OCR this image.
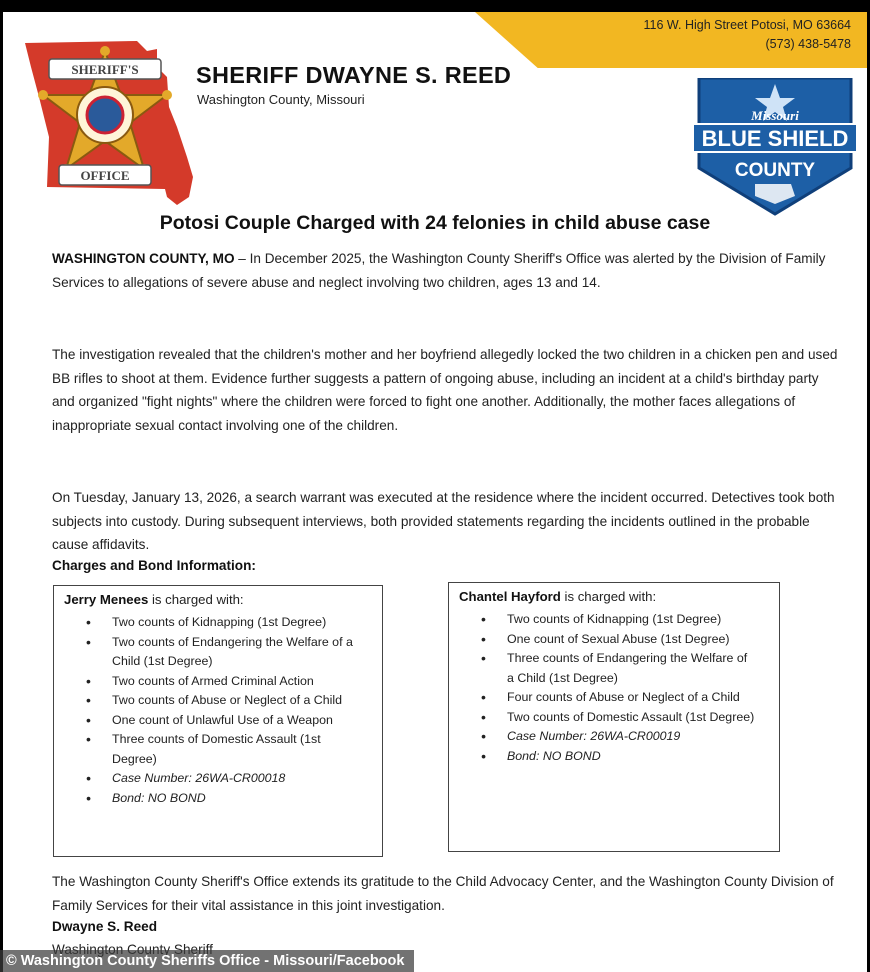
116 W. High Street Potosi, MO 63664
(573) 438-5478
SHERIFF'S
OFFICE
SHERIFF DWAYNE S. REED
Washington County, Missouri
Missouri
BLUE SHIELD
COUNTY
Potosi Couple Charged with 24 felonies in child abuse case
WASHINGTON COUNTY, MO – In December 2025, the Washington County Sheriff's Office was alerted by the Division of Family Services to allegations of severe abuse and neglect involving two children, ages 13 and 14.
The investigation revealed that the children's mother and her boyfriend allegedly locked the two children in a chicken pen and used BB rifles to shoot at them. Evidence further suggests a pattern of ongoing abuse, including an incident at a child's birthday party and organized "fight nights" where the children were forced to fight one another. Additionally, the mother faces allegations of inappropriate sexual contact involving one of the children.
On Tuesday, January 13, 2026, a search warrant was executed at the residence where the incident occurred. Detectives took both subjects into custody. During subsequent interviews, both provided statements regarding the incidents outlined in the probable cause affidavits.
Charges and Bond Information:
Jerry Menees is charged with:
• Two counts of Kidnapping (1st Degree)
• Two counts of Endangering the Welfare of a Child (1st Degree)
• Two counts of Armed Criminal Action
• Two counts of Abuse or Neglect of a Child
• One count of Unlawful Use of a Weapon
• Three counts of Domestic Assault (1st Degree)
• Case Number: 26WA-CR00018
• Bond: NO BOND
Chantel Hayford is charged with:
• Two counts of Kidnapping (1st Degree)
• One count of Sexual Abuse (1st Degree)
• Three counts of Endangering the Welfare of a Child (1st Degree)
• Four counts of Abuse or Neglect of a Child
• Two counts of Domestic Assault (1st Degree)
• Case Number: 26WA-CR00019
• Bond: NO BOND
The Washington County Sheriff's Office extends its gratitude to the Child Advocacy Center, and the Washington County Division of Family Services for their vital assistance in this joint investigation.
Dwayne S. Reed
© Washington County Sheriffs Office - Missouri/Facebook
